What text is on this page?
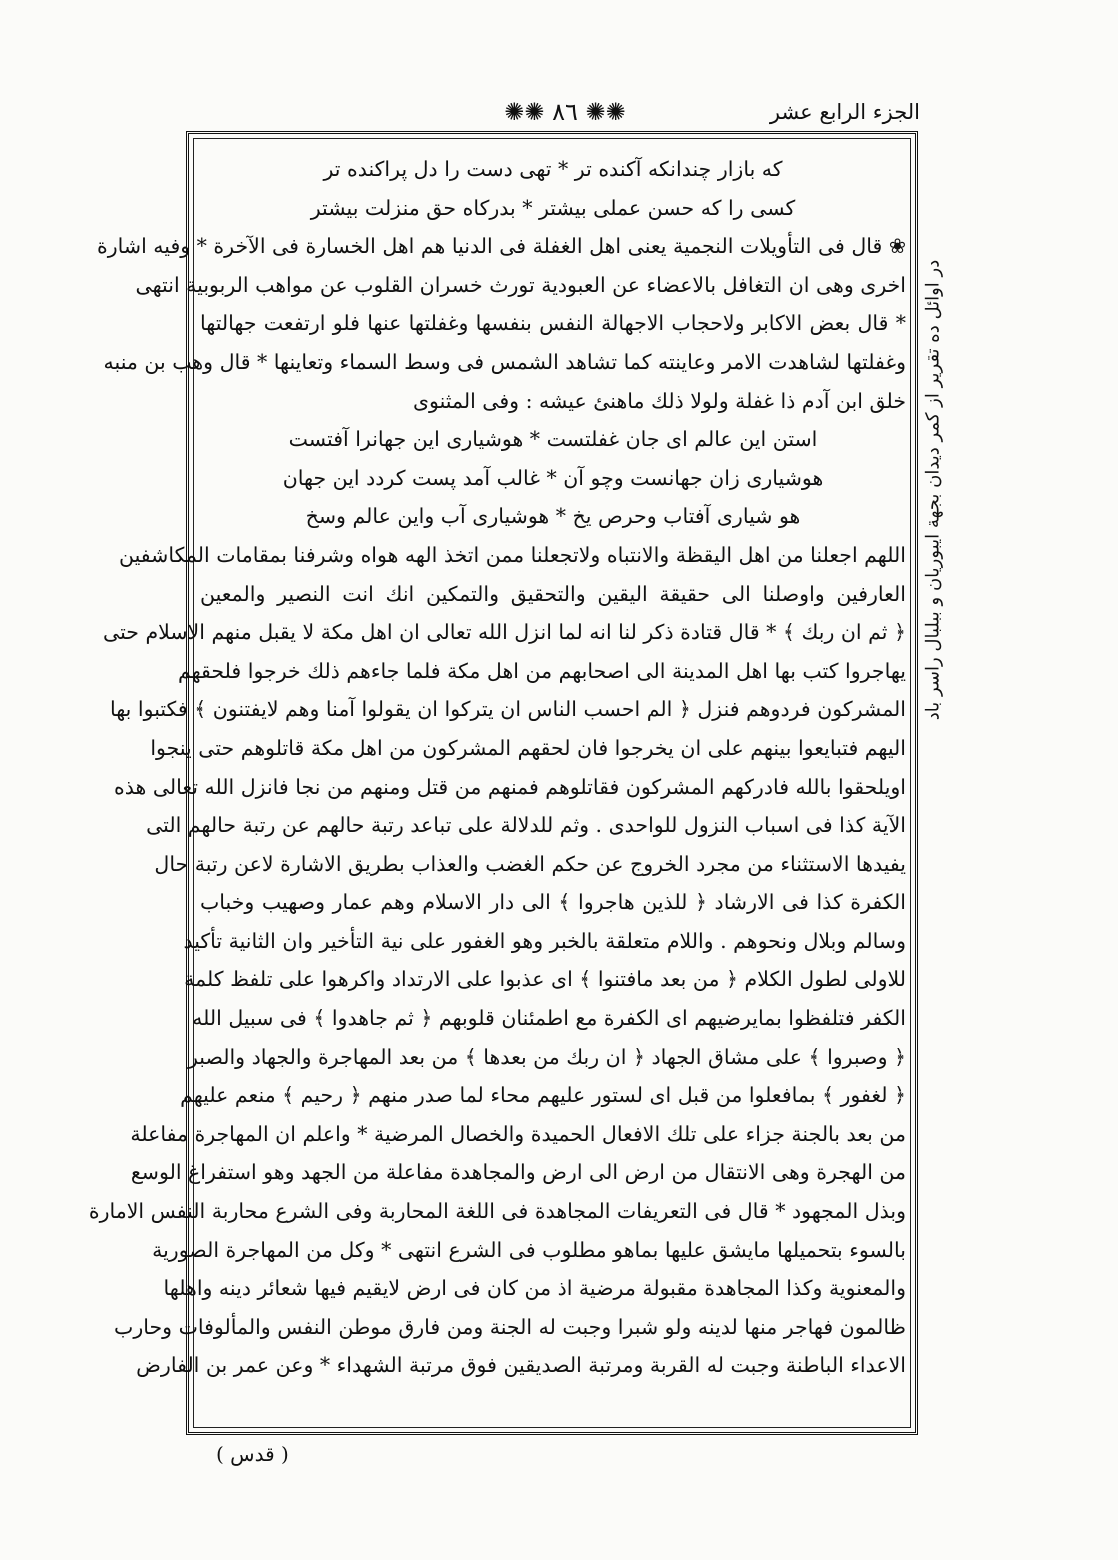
الجزء الرابع عشر
✺✺ ٨٦ ✺✺
در اوائل ده تقرير از كمر ديدان بجهة ايبوريان و ببلبال راسر باد
كه بازار چندانكه آكنده تر * تهى دست را دل پراكنده تر
كسى را كه حسن عملى بيشتر * بدركاه حق منزلت بيشتر
❀ قال فى التأويلات النجمية يعنى اهل الغفلة فى الدنيا هم اهل الخسارة فى الآخرة * وفيه اشارة
اخرى وهى ان التغافل بالاعضاء عن العبودية تورث خسران القلوب عن مواهب الربوبية انتهى
* قال بعض الاكابر ولاحجاب الاجهالة النفس بنفسها وغفلتها عنها فلو ارتفعت جهالتها
وغفلتها لشاهدت الامر وعاينته كما تشاهد الشمس فى وسط السماء وتعاينها * قال وهب بن منبه
خلق ابن آدم ذا غفلة ولولا ذلك ماهنئ عيشه : وفى المثنوى
استن اين عالم اى جان غفلتست * هوشيارى اين جهانرا آفتست
هوشيارى زان جهانست وچو آن * غالب آمد پست كردد اين جهان
هو شيارى آفتاب وحرص يخ * هوشيارى آب واين عالم وسخ
اللهم اجعلنا من اهل اليقظة والانتباه ولاتجعلنا ممن اتخذ الهه هواه وشرفنا بمقامات المكاشفين
العارفين واوصلنا الى حقيقة اليقين والتحقيق والتمكين انك انت النصير والمعين
﴿ ثم ان ربك ﴾ * قال قتادة ذكر لنا انه لما انزل الله تعالى ان اهل مكة لا يقبل منهم الاسلام حتى
يهاجروا كتب بها اهل المدينة الى اصحابهم من اهل مكة فلما جاءهم ذلك خرجوا فلحقهم
المشركون فردوهم فنزل ﴿ الم احسب الناس ان يتركوا ان يقولوا آمنا وهم لايفتنون ﴾ فكتبوا بها
اليهم فتبايعوا بينهم على ان يخرجوا فان لحقهم المشركون من اهل مكة قاتلوهم حتى ينجوا
اويلحقوا بالله فادركهم المشركون فقاتلوهم فمنهم من قتل ومنهم من نجا فانزل الله تعالى هذه
الآية كذا فى اسباب النزول للواحدى . وثم للدلالة على تباعد رتبة حالهم عن رتبة حالهم التى
يفيدها الاستثناء من مجرد الخروج عن حكم الغضب والعذاب بطريق الاشارة لاعن رتبة حال
الكفرة كذا فى الارشاد ﴿ للذين هاجروا ﴾ الى دار الاسلام وهم عمار وصهيب وخباب
وسالم وبلال ونحوهم . واللام متعلقة بالخبر وهو الغفور على نية التأخير وان الثانية تأكيد
للاولى لطول الكلام ﴿ من بعد مافتنوا ﴾ اى عذبوا على الارتداد واكرهوا على تلفظ كلمة
الكفر فتلفظوا بمايرضيهم اى الكفرة مع اطمئنان قلوبهم ﴿ ثم جاهدوا ﴾ فى سبيل الله
﴿ وصبروا ﴾ على مشاق الجهاد ﴿ ان ربك من بعدها ﴾ من بعد المهاجرة والجهاد والصبر
﴿ لغفور ﴾ بمافعلوا من قبل اى لستور عليهم محاء لما صدر منهم ﴿ رحيم ﴾ منعم عليهم
من بعد بالجنة جزاء على تلك الافعال الحميدة والخصال المرضية * واعلم ان المهاجرة مفاعلة
من الهجرة وهى الانتقال من ارض الى ارض والمجاهدة مفاعلة من الجهد وهو استفراغ الوسع
وبذل المجهود * قال فى التعريفات المجاهدة فى اللغة المحاربة وفى الشرع محاربة النفس الامارة
بالسوء بتحميلها مايشق عليها بماهو مطلوب فى الشرع انتهى * وكل من المهاجرة الصورية
والمعنوية وكذا المجاهدة مقبولة مرضية اذ من كان فى ارض لايقيم فيها شعائر دينه واهلها
ظالمون فهاجر منها لدينه ولو شبرا وجبت له الجنة ومن فارق موطن النفس والمألوفات وحارب
الاعداء الباطنة وجبت له القربة ومرتبة الصديقين فوق مرتبة الشهداء * وعن عمر بن الفارض
( قدس )
